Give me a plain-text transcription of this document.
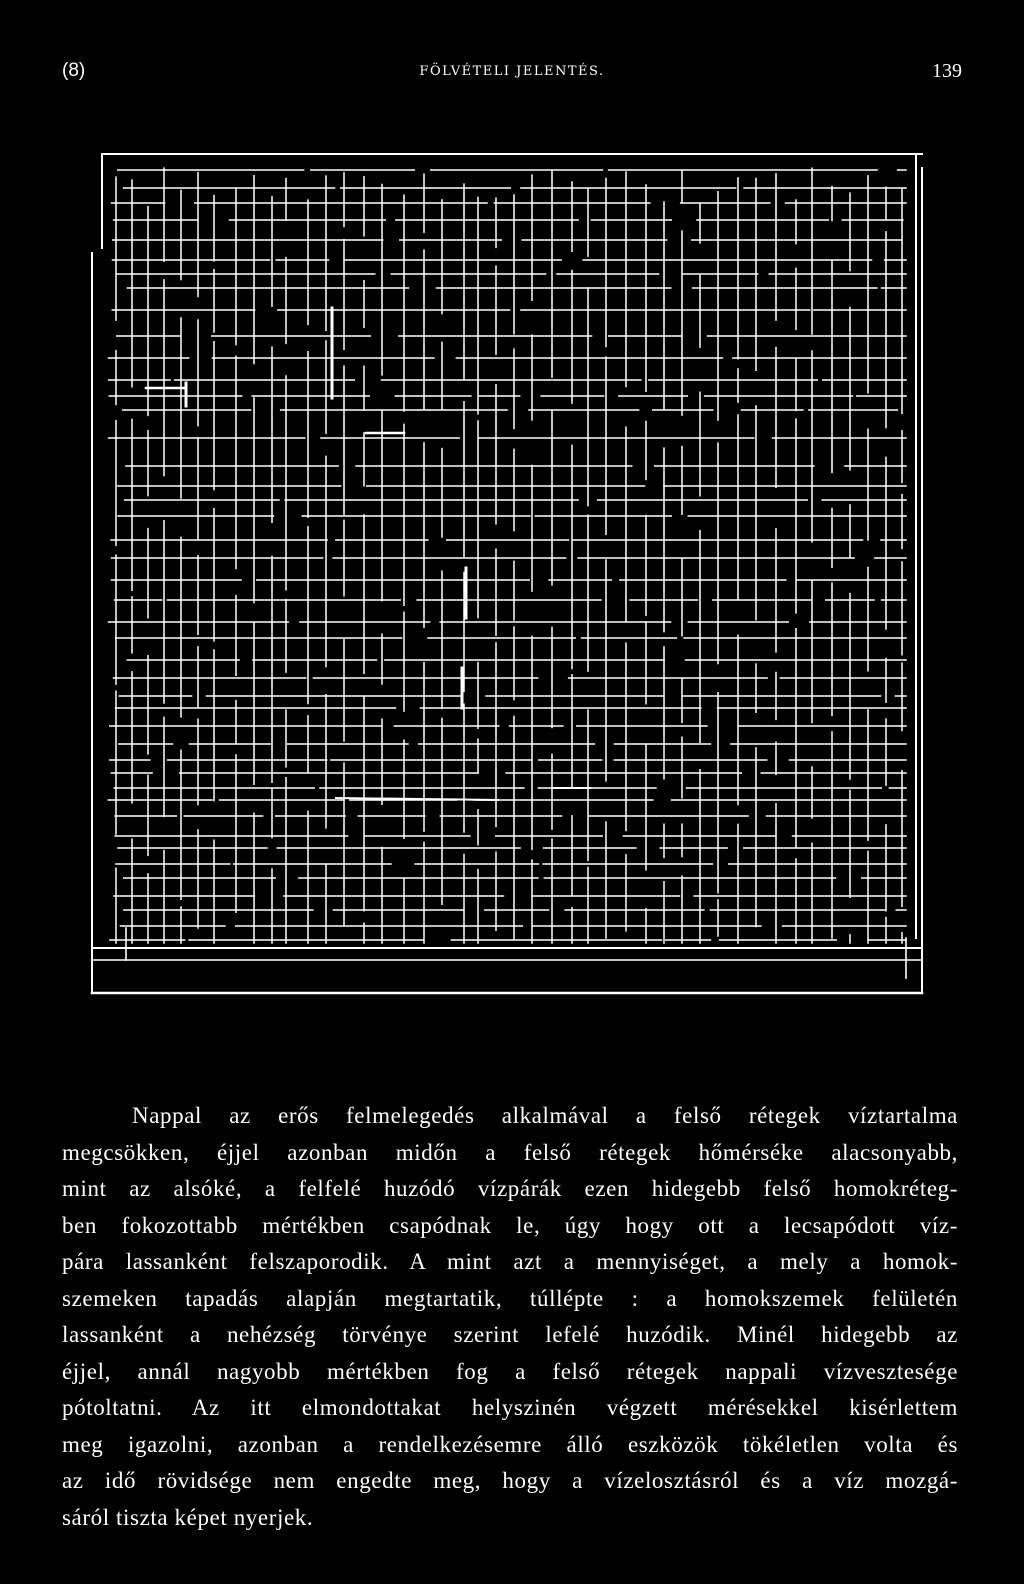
(8)	FÖLVÉTELI JELENTÉS.	139
Nappal az erős felmelegedés alkalmával a felső rétegek víztartalma
megcsökken, éjjel azonban midőn a felső rétegek hőmérséke alacsonyabb,
mint az alsóké, a felfelé huzódó vízpárák ezen hidegebb felső homokréteg-
ben fokozottabb mértékben csapódnak le, úgy hogy ott a lecsapódott víz-
pára lassanként felszaporodik. A mint azt a mennyiséget, a mely a homok-
szemeken tapadás alapján megtartatik, túllépte : a homokszemek felületén
lassanként a nehézség törvénye szerint lefelé huzódik. Minél hidegebb az
éjjel, annál nagyobb mértékben fog a felső rétegek nappali vízvesztesége
pótoltatni. Az itt elmondottakat helyszinén végzett mérésekkel kisérlettem
meg igazolni, azonban a rendelkezésemre álló eszközök tökéletlen volta és
az idő rövidsége nem engedte meg, hogy a vízelosztásról és a víz mozgá-
sáról tiszta képet nyerjek.
